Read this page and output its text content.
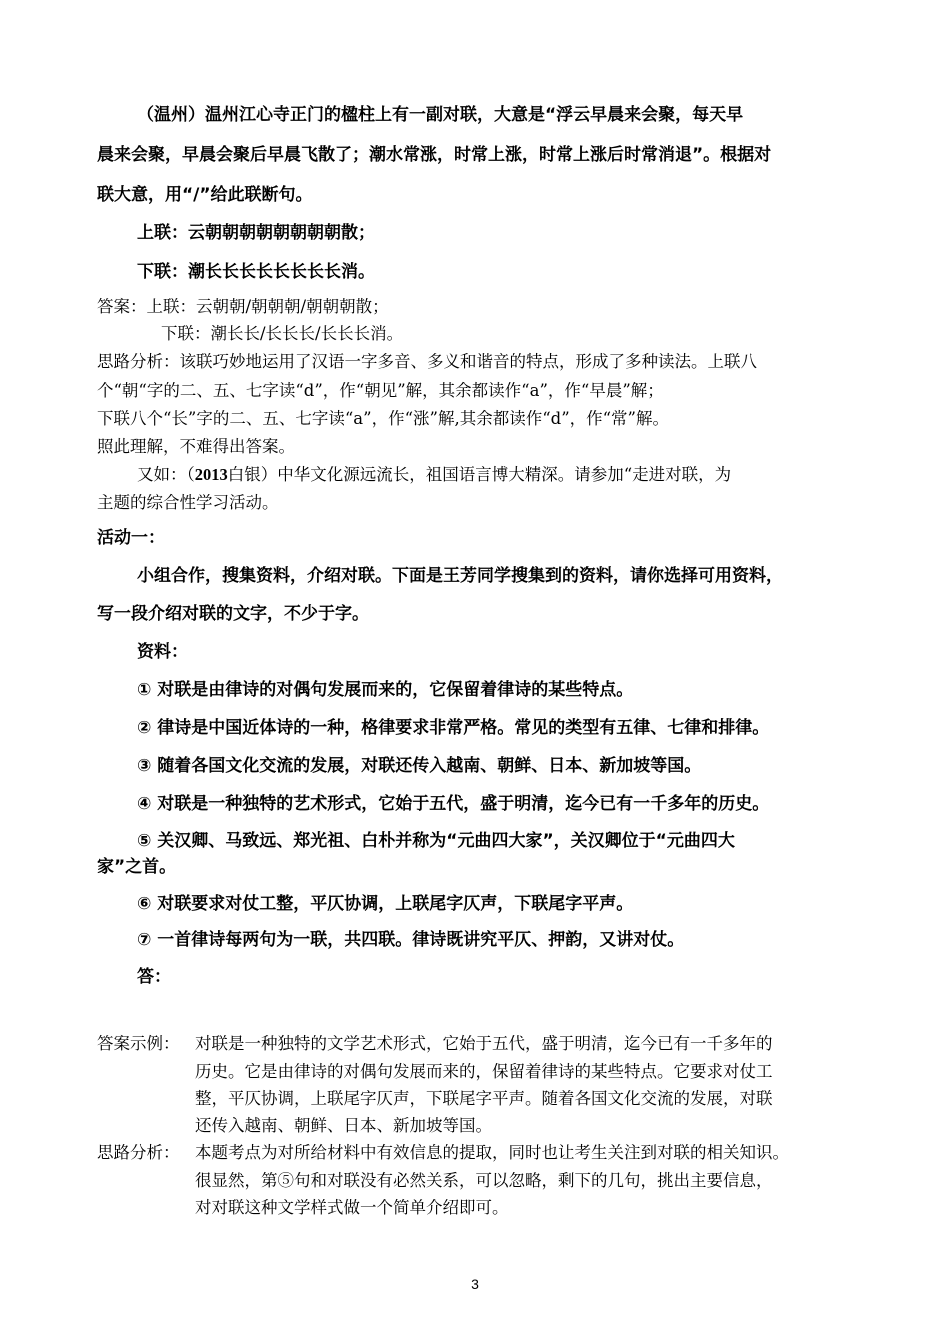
（温州）温州江心寺正门的楹柱上有一副对联，大意是“浮云早晨来会聚，每天早
晨来会聚，早晨会聚后早晨飞散了；潮水常涨，时常上涨，时常上涨后时常消退”。根据对
联大意，用“/”给此联断句。
上联：云朝朝朝朝朝朝朝朝散；
下联：潮长长长长长长长长消。
答案：上联：云朝朝/朝朝朝/朝朝朝散；
下联：潮长长/长长长/长长长消。
思路分析：该联巧妙地运用了汉语一字多音、多义和谐音的特点，形成了多种读法。上联八
个“朝“字的二、五、七字读“d”，作“朝见”解，其余都读作“a”，作“早晨”解；
下联八个“长”字的二、五、七字读“a”，作“涨”解,其余都读作“d”，作“常”解。
照此理解，不难得出答案。
又如：（2013白银）中华文化源远流长，祖国语言博大精深。请参加“走进对联，为
主题的综合性学习活动。
活动一：
小组合作，搜集资料，介绍对联。下面是王芳同学搜集到的资料，请你选择可用资料，
写一段介绍对联的文字，不少于字。
资料：
① 对联是由律诗的对偶句发展而来的，它保留着律诗的某些特点。
② 律诗是中国近体诗的一种，格律要求非常严格。常见的类型有五律、七律和排律。
③ 随着各国文化交流的发展，对联还传入越南、朝鲜、日本、新加坡等国。
④ 对联是一种独特的艺术形式，它始于五代，盛于明清，迄今已有一千多年的历史。
⑤ 关汉卿、马致远、郑光祖、白朴并称为“元曲四大家”，关汉卿位于“元曲四大
家”之首。
⑥ 对联要求对仗工整，平仄协调，上联尾字仄声，下联尾字平声。
⑦ 一首律诗每两句为一联，共四联。律诗既讲究平仄、押韵，又讲对仗。
答：
答案示例： 对联是一种独特的文学艺术形式，它始于五代，盛于明清，迄今已有一千多年的
历史。它是由律诗的对偶句发展而来的，保留着律诗的某些特点。它要求对仗工
整，平仄协调，上联尾字仄声，下联尾字平声。随着各国文化交流的发展，对联
还传入越南、朝鲜、日本、新加坡等国。
思路分析： 本题考点为对所给材料中有效信息的提取，同时也让考生关注到对联的相关知识。
很显然，第⑤句和对联没有必然关系，可以忽略，剩下的几句，挑出主要信息，
对对联这种文学样式做一个简单介绍即可。
3
